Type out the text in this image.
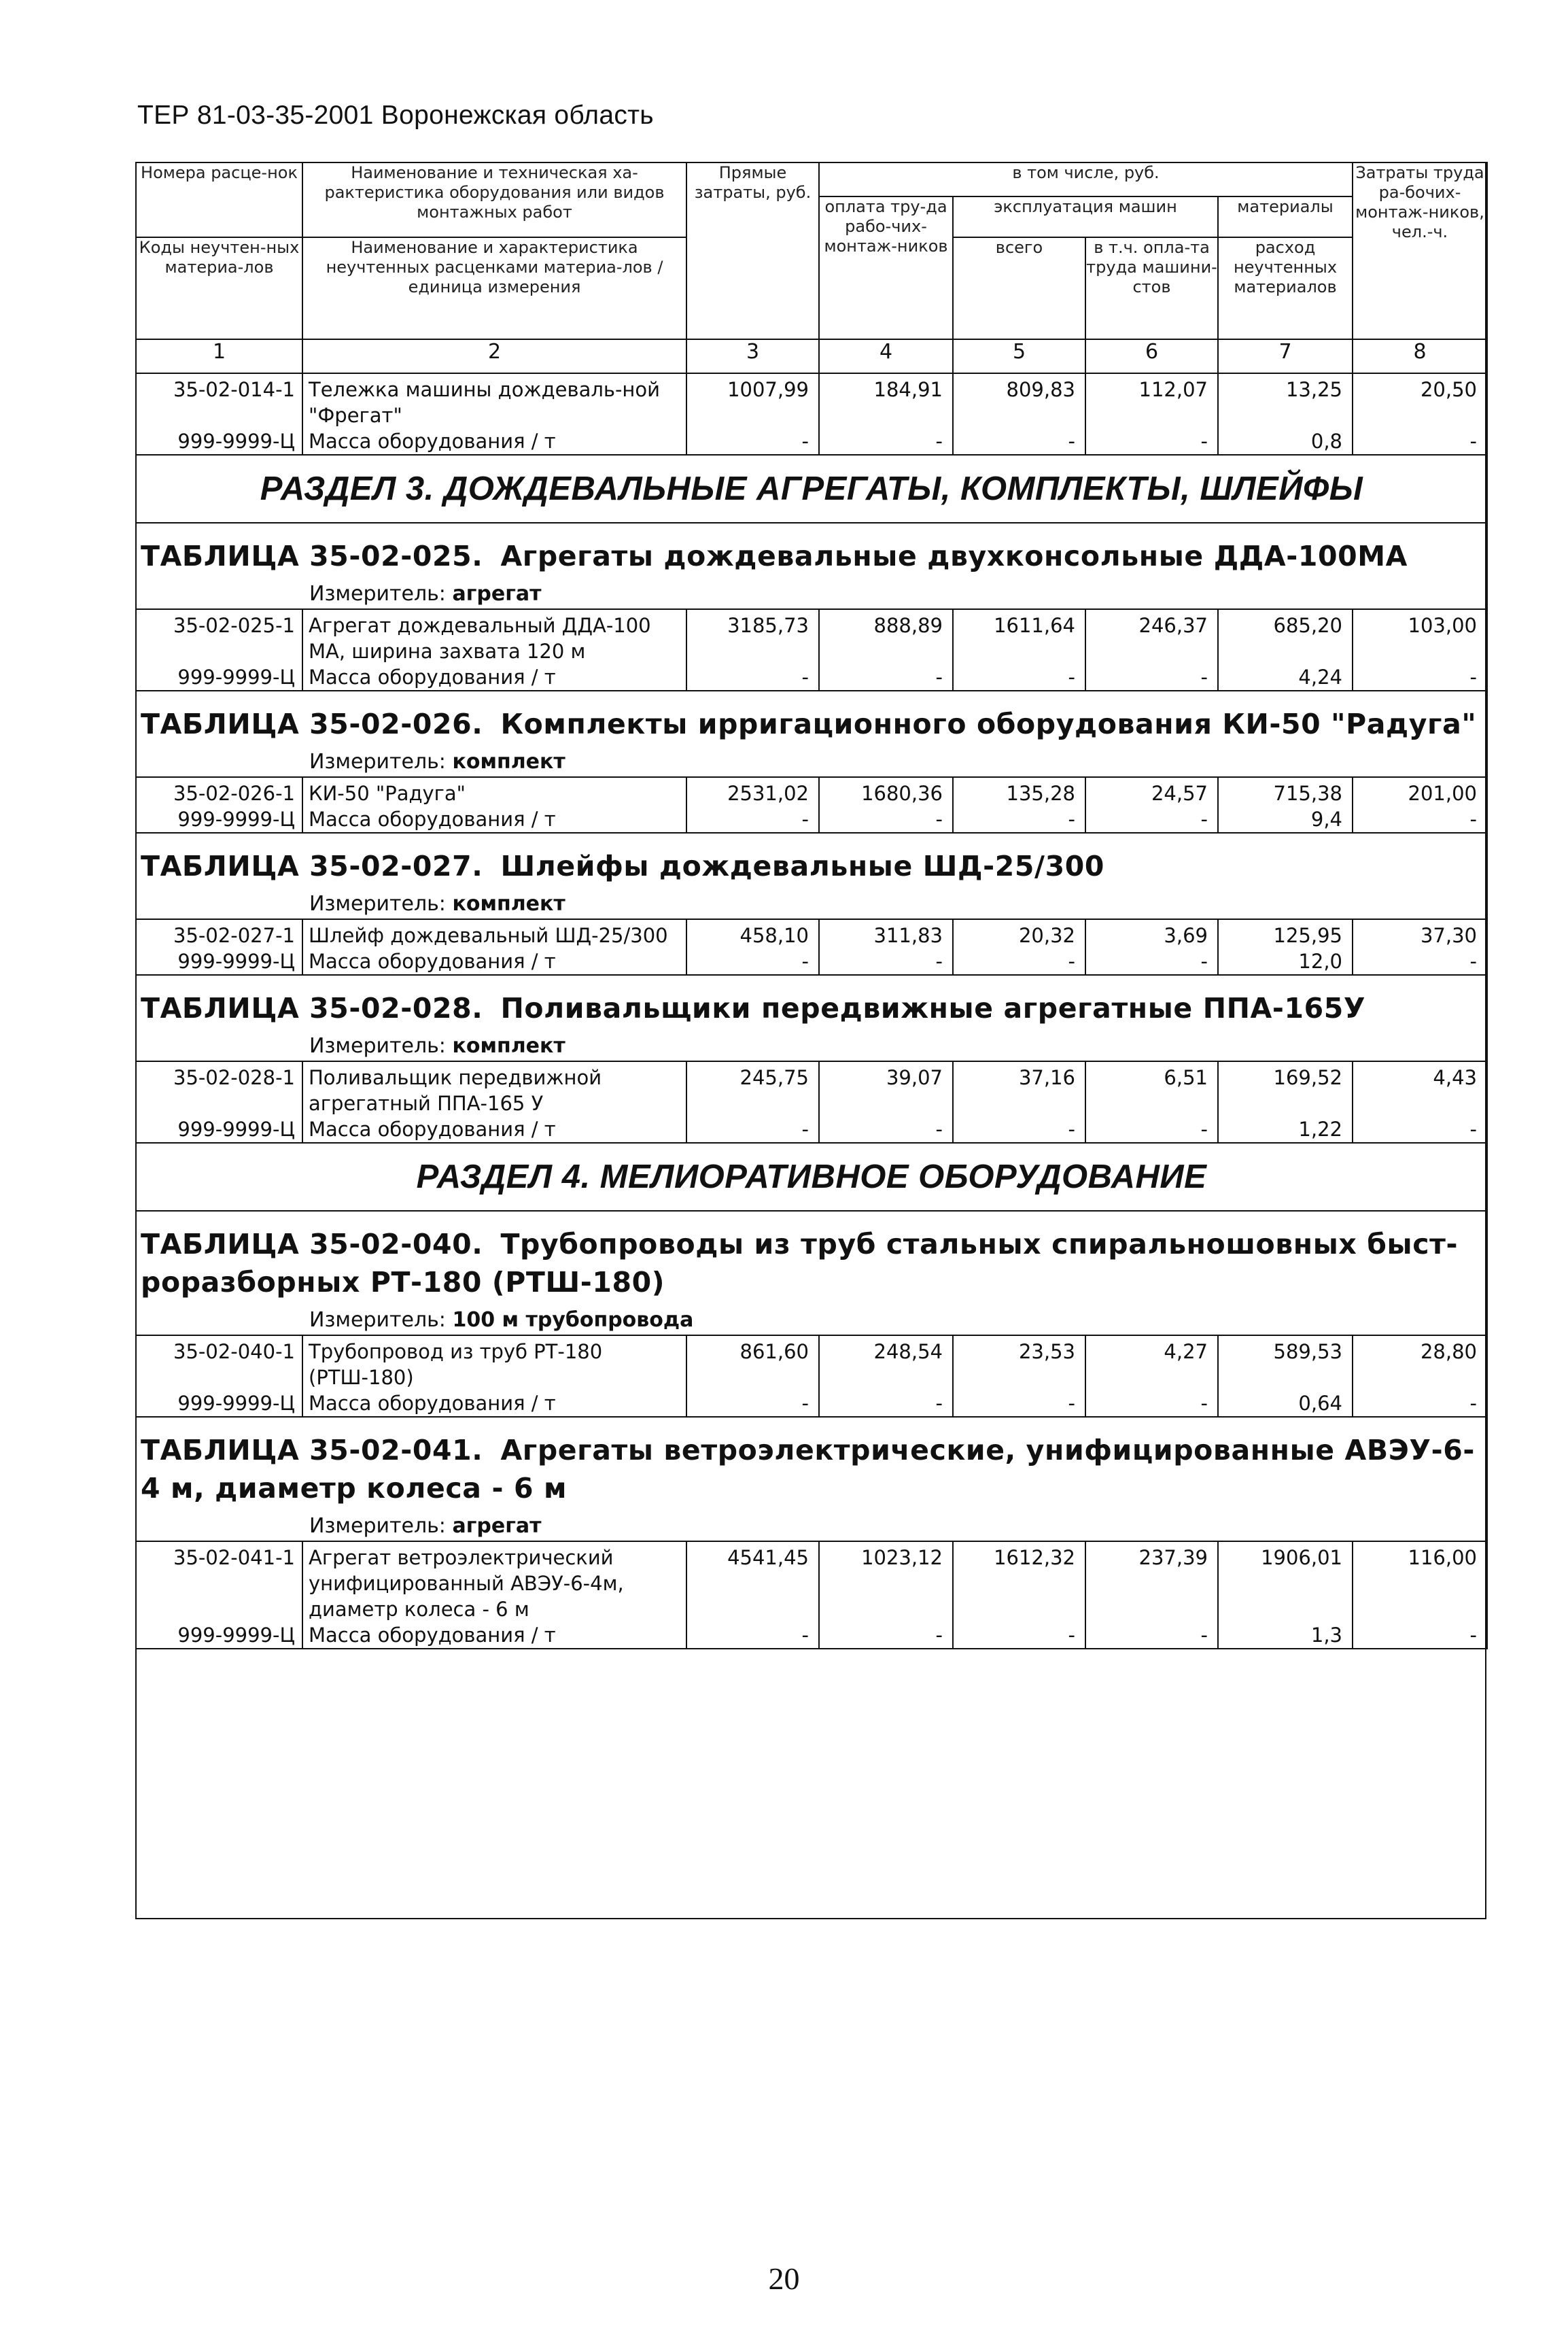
ТЕР 81-03-35-2001 Воронежская область
Номера расце-нок	Наименование и техническая ха-рактеристика оборудования или видов монтажных работ	Прямые затраты, руб.	в том числе, руб.				Затраты труда ра-бочих-монтаж-ников, чел.-ч.
			оплата тру-да рабо-чих-монтаж-ников	эксплуатация машин		материалы	
Коды неучтен-ных материа-лов	Наименование и характеристика неучтенных расценками материа-лов / единица измерения			всего	в т.ч. опла-та труда машини-стов	расход неучтенных материалов	

1	2	3	4	5	6	7	8
35-02-014-1	Тележка машины дождеваль-ной "Фрегат"	1007,99	184,91	809,83	112,07	13,25	20,50
999-9999-Ц	Масса оборудования / т	-	-	-	-	0,8	-
РАЗДЕЛ 3. ДОЖДЕВАЛЬНЫЕ АГРЕГАТЫ, КОМПЛЕКТЫ, ШЛЕЙФЫ							
ТАБЛИЦА 35-02-025. Агрегаты дождевальные двухконсольные ДДА-100МА							
Измеритель: агрегат							
35-02-025-1	Агрегат дождевальный ДДА-100 МА, ширина захвата 120 м	3185,73	888,89	1611,64	246,37	685,20	103,00
999-9999-Ц	Масса оборудования / т	-	-	-	-	4,24	-
ТАБЛИЦА 35-02-026. Комплекты ирригационного оборудования КИ-50 "Радуга"							
Измеритель: комплект							
35-02-026-1	КИ-50 "Радуга"	2531,02	1680,36	135,28	24,57	715,38	201,00
999-9999-Ц	Масса оборудования / т	-	-	-	-	9,4	-
ТАБЛИЦА 35-02-027. Шлейфы дождевальные ШД-25/300							
Измеритель: комплект							
35-02-027-1	Шлейф дождевальный ШД-25/300	458,10	311,83	20,32	3,69	125,95	37,30
999-9999-Ц	Масса оборудования / т	-	-	-	-	12,0	-
ТАБЛИЦА 35-02-028. Поливальщики передвижные агрегатные ППА-165У							
Измеритель: комплект							
35-02-028-1	Поливальщик передвижной агрегатный ППА-165 У	245,75	39,07	37,16	6,51	169,52	4,43
999-9999-Ц	Масса оборудования / т	-	-	-	-	1,22	-
РАЗДЕЛ 4. МЕЛИОРАТИВНОЕ ОБОРУДОВАНИЕ							
ТАБЛИЦА 35-02-040. Трубопроводы из труб стальных спиральношовных быст-роразборных РТ-180 (РТШ-180)							
Измеритель: 100 м трубопровода							
35-02-040-1	Трубопровод из труб РТ-180 (РТШ-180)	861,60	248,54	23,53	4,27	589,53	28,80
999-9999-Ц	Масса оборудования / т	-	-	-	-	0,64	-
ТАБЛИЦА 35-02-041. Агрегаты ветроэлектрические, унифицированные АВЭУ-6-4 м, диаметр колеса - 6 м							
Измеритель: агрегат							
35-02-041-1	Агрегат ветроэлектрический унифицированный АВЭУ-6-4м, диаметр колеса - 6 м	4541,45	1023,12	1612,32	237,39	1906,01	116,00
999-9999-Ц	Масса оборудования / т	-	-	-	-	1,3	-
20
